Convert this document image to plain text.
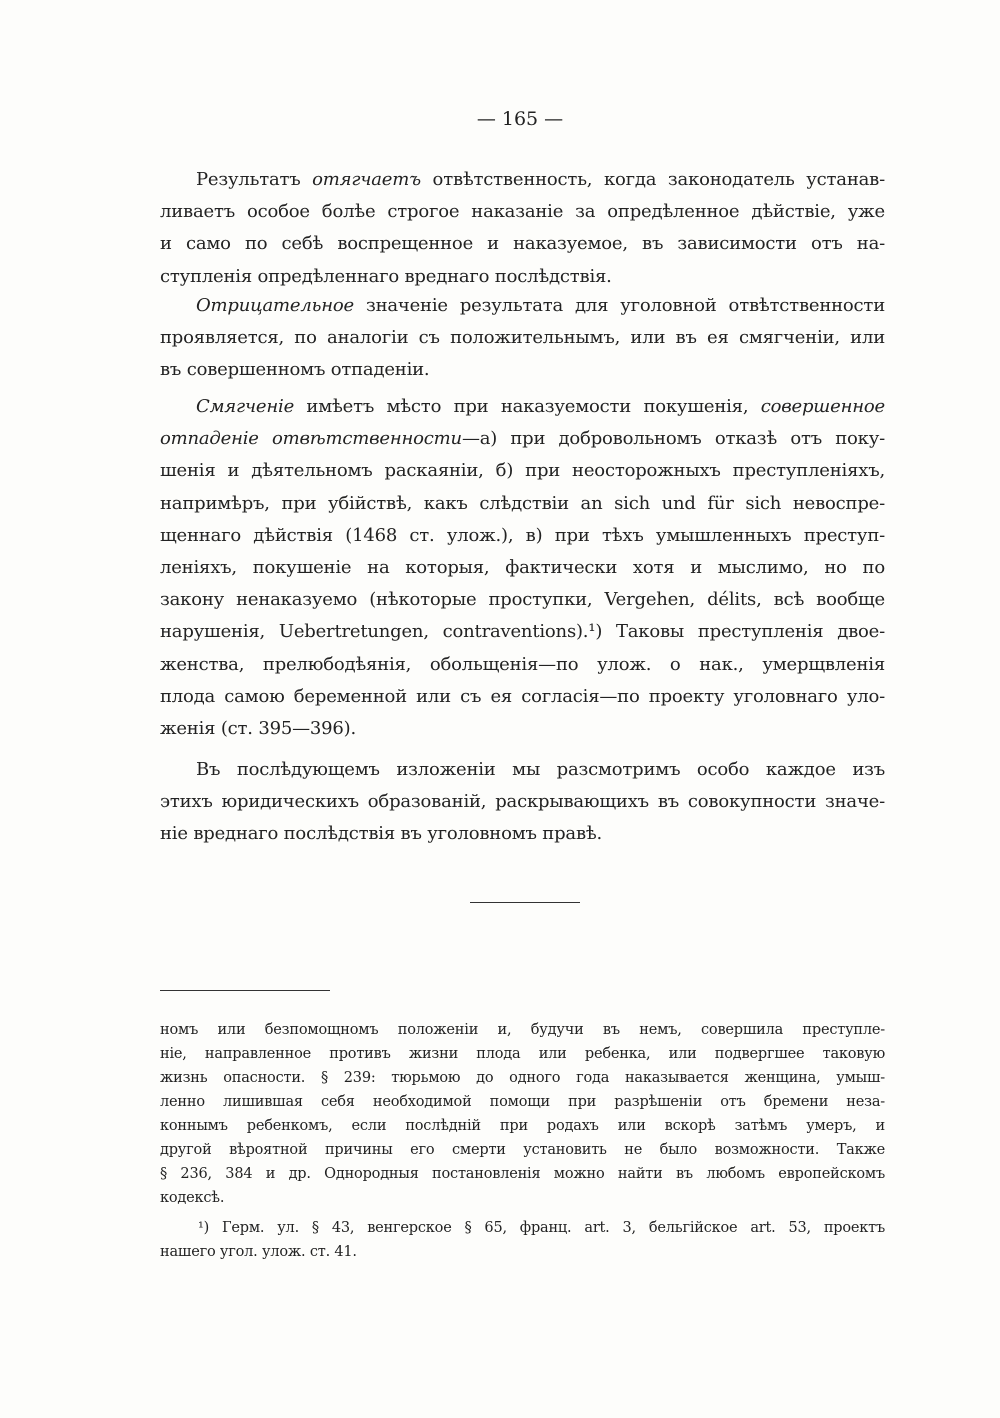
— 165 —
Результатъ отягчаетъ отвѣтственность, когда законодатель устанав-
ливаетъ особое болѣе строгое наказаніе за опредѣленное дѣйствіе, уже
и само по себѣ воспрещенное и наказуемое, въ зависимости отъ на-
ступленія опредѣленнаго вреднаго послѣдствія.
Отрицательное значеніе результата для уголовной отвѣтственности
проявляется, по аналогіи съ положительнымъ, или въ ея смягченіи, или
въ совершенномъ отпаденіи.
Смягченіе имѣетъ мѣсто при наказуемости покушенія, совершенное
отпаденіе отвѣтственности—а) при добровольномъ отказѣ отъ поку-
шенія и дѣятельномъ раскаяніи, б) при неосторожныхъ преступленіяхъ,
напримѣръ, при убійствѣ, какъ слѣдствіи an sich und für sich невоспре-
щеннаго дѣйствія (1468 ст. улож.), в) при тѣхъ умышленныхъ преступ-
леніяхъ, покушеніе на которыя, фактически хотя и мыслимо, но по
закону ненаказуемо (нѣкоторые проступки, Vergehen, délits, всѣ вообще
нарушенія, Uebertretungen, contraventions).¹) Таковы преступленія двое-
женства, прелюбодѣянія, обольщенія—по улож. о нак., умерщвленія
плода самою беременной или съ ея согласія—по проекту уголовнаго уло-
женія (ст. 395—396).
Въ послѣдующемъ изложеніи мы разсмотримъ особо каждое изъ
этихъ юридическихъ образованій, раскрывающихъ въ совокупности значе-
ніе вреднаго послѣдствія въ уголовномъ правѣ.
номъ или безпомощномъ положеніи и, будучи въ немъ, совершила преступле-
ніе, направленное противъ жизни плода или ребенка, или подвергшее таковую
жизнь опасности. § 239: тюрьмою до одного года наказывается женщина, умыш-
ленно лишившая себя необходимой помощи при разрѣшеніи отъ бремени неза-
коннымъ ребенкомъ, если послѣдній при родахъ или вскорѣ затѣмъ умеръ, и
другой вѣроятной причины его смерти установить не было возможности. Также
§ 236, 384 и др. Однородныя постановленія можно найти въ любомъ европейскомъ
кодексѣ.
¹) Герм. ул. § 43, венгерское § 65, франц. art. 3, бельгійское art. 53, проектъ
нашего угол. улож. ст. 41.
